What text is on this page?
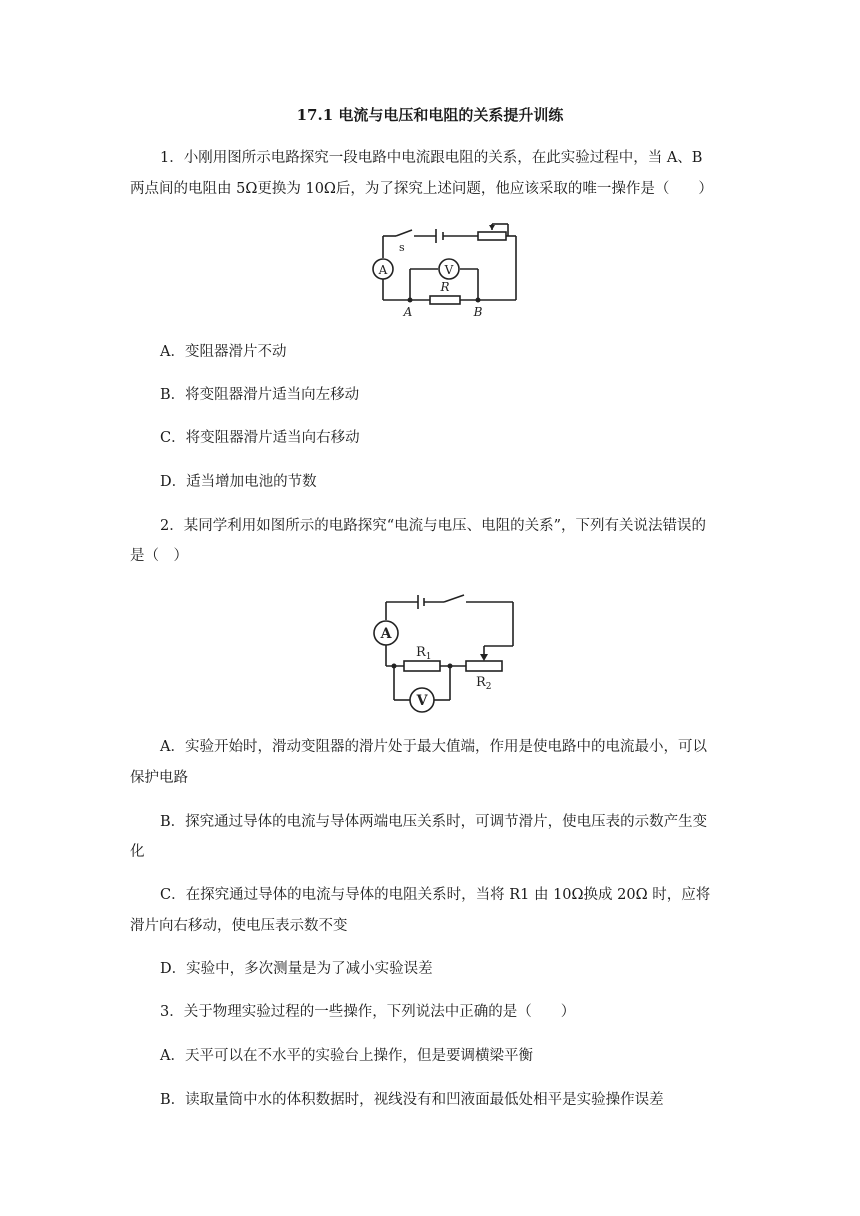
17.1 电流与电压和电阻的关系提升训练
1．小刚用图所示电路探究一段电路中电流跟电阻的关系，在此实验过程中，当 A、B
两点间的电阻由 5Ω更换为 10Ω后，为了探究上述问题，他应该采取的唯一操作是（　　）
s
A	V
R
A	B
A．变阻器滑片不动
B．将变阻器滑片适当向左移动
C．将变阻器滑片适当向右移动
D．适当增加电池的节数
2．某同学利用如图所示的电路探究“电流与电压、电阻的关系”，下列有关说法错误的
是（　）
A
V
$R_1$
$R_2$
A．实验开始时，滑动变阻器的滑片处于最大值端，作用是使电路中的电流最小，可以
保护电路
B．探究通过导体的电流与导体两端电压关系时，可调节滑片，使电压表的示数产生变
化
C．在探究通过导体的电流与导体的电阻关系时，当将 R1 由 10Ω换成 20Ω 时，应将
滑片向右移动，使电压表示数不变
D．实验中，多次测量是为了减小实验误差
3．关于物理实验过程的一些操作，下列说法中正确的是（　　）
A．天平可以在不水平的实验台上操作，但是要调横梁平衡
B．读取量筒中水的体积数据时，视线没有和凹液面最低处相平是实验操作误差
